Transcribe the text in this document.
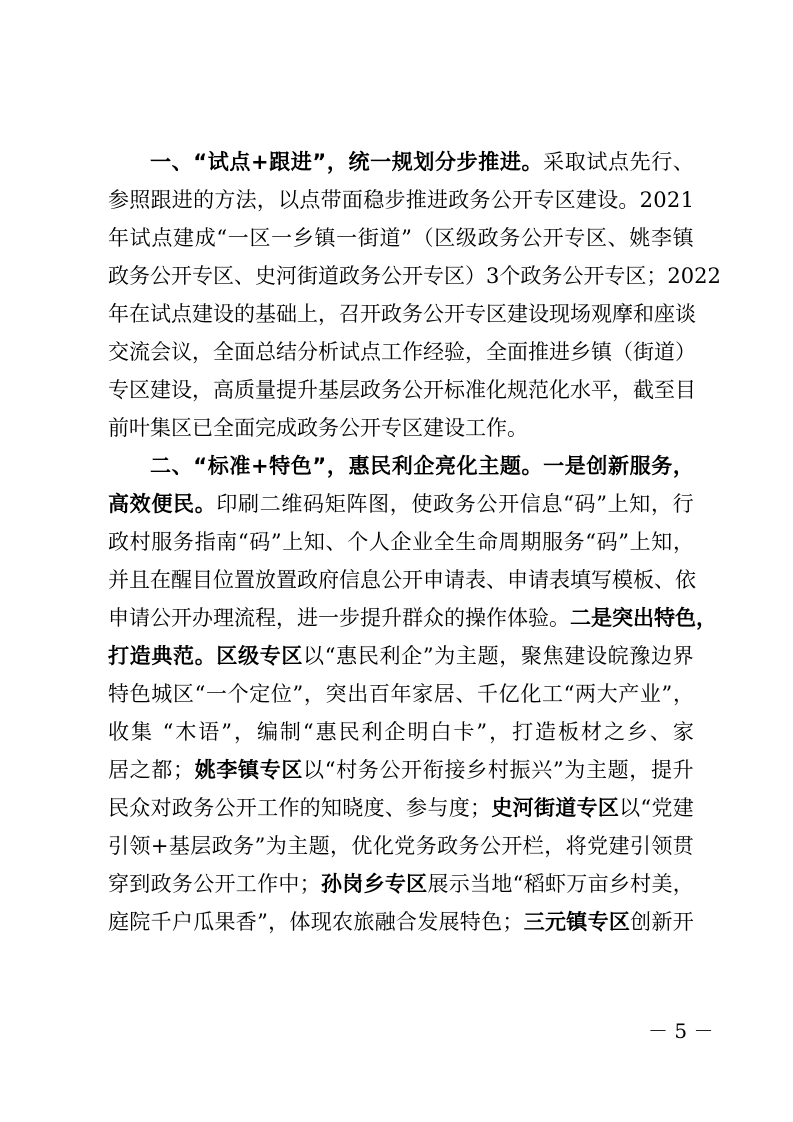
一 、 “ 试 点 + 跟 进 ” ， 统 一 规 划 分 步 推 进 。 采 取 试 点 先 行 、
参 照 跟 进 的 方 法 ， 以 点 带 面 稳 步 推 进 政 务 公 开 专 区 建 设 。 2 0 2 1
年 试 点 建 成 “ 一 区 一 乡 镇 一 街 道 ” （ 区 级 政 务 公 开 专 区 、 姚 李 镇
政 务 公 开 专 区 、 史 河 街 道 政 务 公 开 专 区 ） 3 个 政 务 公 开 专 区 ； 2 0 2 2
年 在 试 点 建 设 的 基 础 上 ， 召 开 政 务 公 开 专 区 建 设 现 场 观 摩 和 座 谈
交 流 会 议 ， 全 面 总 结 分 析 试 点 工 作 经 验 ， 全 面 推 进 乡 镇 （ 街 道 ）
专 区 建 设 ， 高 质 量 提 升 基 层 政 务 公 开 标 准 化 规 范 化 水 平 ， 截 至 目
前 叶 集 区 已 全 面 完 成 政 务 公 开 专 区 建 设 工 作 。
二 、 “ 标 准 + 特 色 ” ， 惠 民 利 企 亮 化 主 题 。 一 是 创 新 服 务 ，
高 效 便 民 。 印 刷 二 维 码 矩 阵 图 ， 使 政 务 公 开 信 息 “ 码 ” 上 知 ， 行
政 村 服 务 指 南 “ 码 ” 上 知 、 个 人 企 业 全 生 命 周 期 服 务 “ 码 ” 上 知 ，
并 且 在 醒 目 位 置 放 置 政 府 信 息 公 开 申 请 表 、 申 请 表 填 写 模 板 、 依
申 请 公 开 办 理 流 程 ， 进 一 步 提 升 群 众 的 操 作 体 验 。 二 是 突 出 特 色 ，
打 造 典 范 。 区 级 专 区 以 “ 惠 民 利 企 ” 为 主 题 ， 聚 焦 建 设 皖 豫 边 界
特 色 城 区 “ 一 个 定 位 ” ， 突 出 百 年 家 居 、 千 亿 化 工 “ 两 大 产 业 ” ，
收 集
“ 木 语 ” ， 编 制 “ 惠 民 利 企 明 白 卡 ” ， 打 造 板 材 之 乡 、 家
居 之 都 ； 姚 李 镇 专 区 以 “ 村 务 公 开 衔 接 乡 村 振 兴 ” 为 主 题 ， 提 升
民 众 对 政 务 公 开 工 作 的 知 晓 度 、 参 与 度 ； 史 河 街 道 专 区 以 “ 党 建
引 领 + 基 层 政 务 ” 为 主 题 ， 优 化 党 务 政 务 公 开 栏 ， 将 党 建 引 领 贯
穿 到 政 务 公 开 工 作 中 ； 孙 岗 乡 专 区 展 示 当 地 “ 稻 虾 万 亩 乡 村 美 ，
庭 院 千 户 瓜 果 香 ” ， 体 现 农 旅 融 合 发 展 特 色 ； 三 元 镇 专 区 创 新 开
－ 5 －
